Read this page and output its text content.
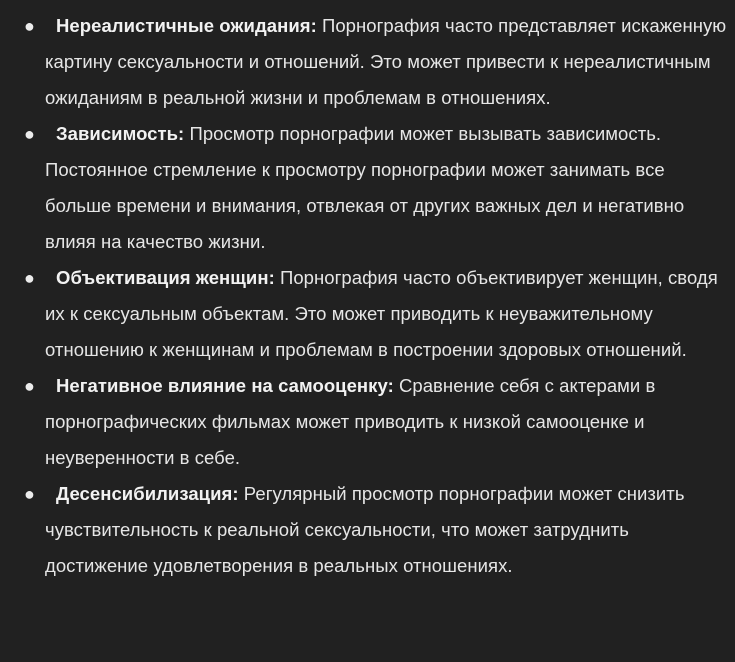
● Нереалистичные ожидания: Порнография часто представляет искаженную картину сексуальности и отношений. Это может привести к нереалистичным ожиданиям в реальной жизни и проблемам в отношениях.
● Зависимость: Просмотр порнографии может вызывать зависимость. Постоянное стремление к просмотру порнографии может занимать все больше времени и внимания, отвлекая от других важных дел и негативно влияя на качество жизни.
● Объективация женщин: Порнография часто объективирует женщин, сводя их к сексуальным объектам. Это может приводить к неуважительному отношению к женщинам и проблемам в построении здоровых отношений.
● Негативное влияние на самооценку: Сравнение себя с актерами в порнографических фильмах может приводить к низкой самооценке и неуверенности в себе.
● Десенсибилизация: Регулярный просмотр порнографии может снизить чувствительность к реальной сексуальности, что может затруднить достижение удовлетворения в реальных отношениях.
